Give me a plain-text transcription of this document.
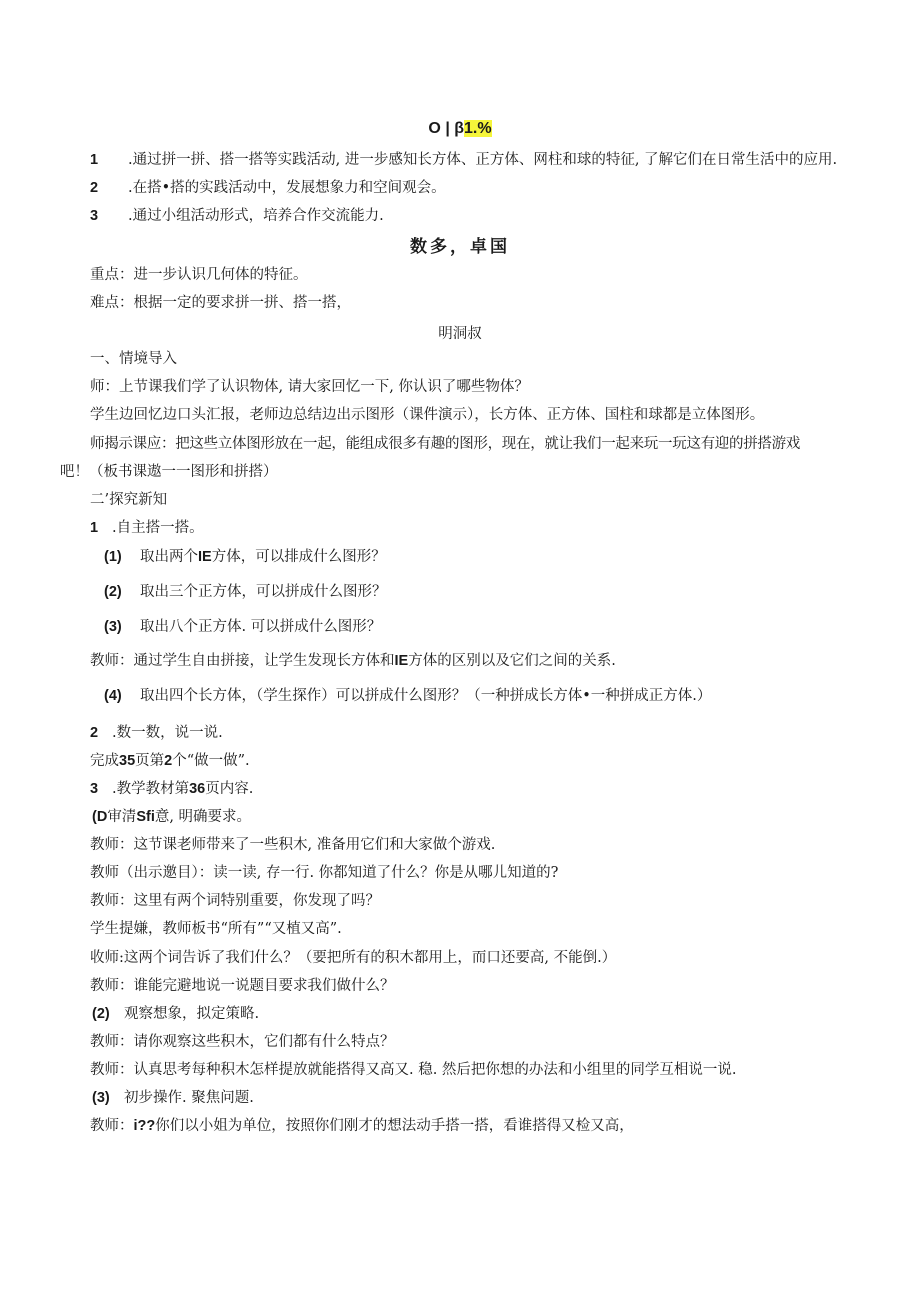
O | β1.%
1 .通过拼一拼、搭一搭等实践活动, 进一步感知长方体、正方体、网柱和球的特征, 了解它们在日常生活中的应用.
2 .在搭•搭的实践活动中，发展想象力和空间观会。
3 .通过小组活动形式，培养合作交流能力.
数多，卓国
重点：进一步认识几何体的特征。
难点：根据一定的要求拼一拼、搭一搭，
明洞叔
一、情境导入
师：上节课我们学了认识物体, 请大家回忆一下, 你认识了哪些物体？
学生边回忆边口头汇报，老师边总结边出示图形（课件演示），长方体、正方体、国柱和球都是立体图形。
师揭示课应：把这些立体图形放在一起，能组成很多有趣的图形，现在，就让我们一起来玩一玩这有迎的拼搭游戏
吧！（板书课遨一一图形和拼搭）
二’探究新知
1 .自主搭一搭。
(1) 取出两个IE方体，可以排成什么图形？
(2) 取出三个正方体，可以拼成什么图形？
(3) 取出八个正方体. 可以拼成什么图形？
教师：通过学生自由拼接，让学生发现长方体和IE方体的区别以及它们之间的关系.
(4) 取出四个长方体，（学生探作）可以拼成什么图形？（一种拼成长方体•一种拼成正方体.）
2 .数一数，说一说.
完成35页第2个“做一做”.
3 .教学教材第36页内容.
(D审清Sfi意, 明确要求。
教师：这节课老师带来了一些积木, 准备用它们和大家做个游戏.
教师（出示邀目）：读一读, 存一行. 你都知道了什么？你是从哪儿知道的?
教师：这里有两个词特别重要，你发现了吗？
学生提嫌，教师板书“所有”“又植又高”.
收师:这两个词告诉了我们什么？（要把所有的积木都用上，而口还要高, 不能倒.）
教师：谁能完避地说一说题目要求我们做什么？
(2) 观察想象，拟定策略.
教师：请你观察这些积木，它们都有什么特点？
教师：认真思考每种积木怎样提放就能搭得又高又. 稳. 然后把你想的办法和小组里的同学互相说一说.
(3) 初步操作. 聚焦问题.
教师：i??你们以小姐为单位，按照你们刚才的想法动手搭一搭，看谁搭得又检又高，
